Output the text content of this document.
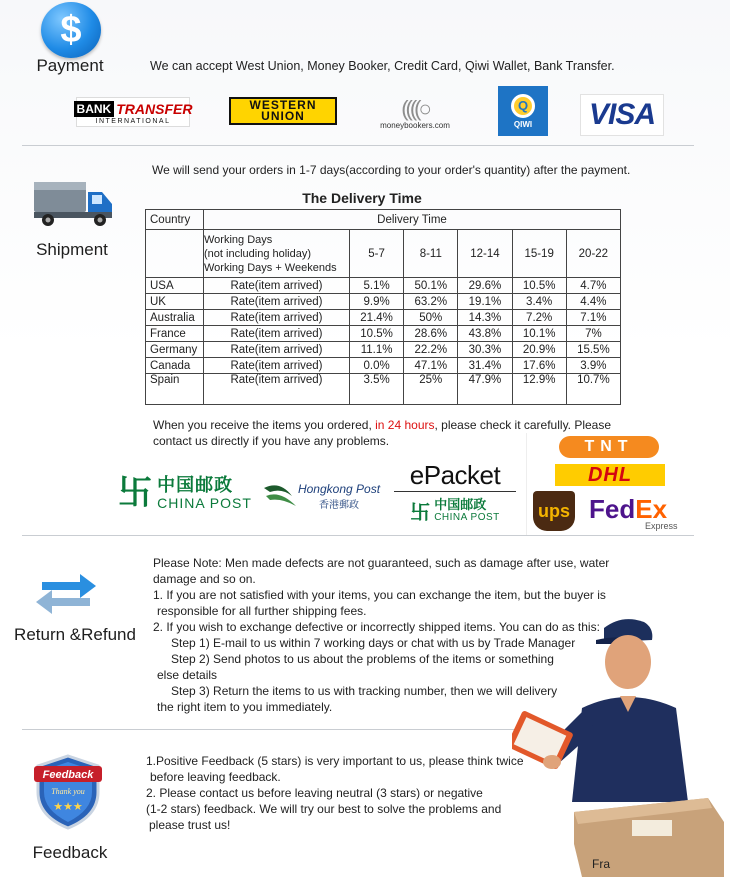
$
Payment	We can accept West Union, Money Booker, Credit Card, Qiwi Wallet, Bank Transfer.
BANK TRANSFER
INTERNATIONAL
WESTERN
UNION	((((○
moneybookers.com
Q
QIWI VISA
We will send your orders in 1-7 days(according to your order's quantity) after the payment.
Shipment
The Delivery Time
Country	Delivery Time					

	Working Days
(not including holiday)
Working Days + Weekends	5-7	8-11	12-14	15-19	20-22
USA	Rate(item arrived)	5.1%	50.1%	29.6%	10.5%	4.7%
UK	Rate(item arrived)	9.9%	63.2%	19.1%	3.4%	4.4%
Australia	Rate(item arrived)	21.4%	50%	14.3%	7.2%	7.1%
France	Rate(item arrived)	10.5%	28.6%	43.8%	10.1%	7%
Germany	Rate(item arrived)	11.1%	22.2%	30.3%	20.9%	15.5%
Canada	Rate(item arrived)	0.0%	47.1%	31.4%	17.6%	3.9%
Spain	Rate(item arrived)	3.5%	25%	47.9%	12.9%	10.7%
When you receive the items you ordered, in 24 hours, please check it carefully. Please
contact us directly if you have any problems.
卐 中国邮政
CHINA POST
Hongkong Post
香港郵政
ePacket
卐 中国邮政
CHINA POST
TNT
DHL
ups FedEx
Express
Return &Refund
Please Note: Men made defects are not guaranteed, such as damage after use, water
damage and so on.
1. If you are not satisfied with your items, you can exchange the item, but the buyer is
responsible for all further shipping fees.
2. If you wish to exchange defective or incorrectly shipped items. You can do as this:
Step 1) E-mail to us within 7 working days or chat with us by Trade Manager
Step 2) Send photos to us about the problems of the items or something
else details
Step 3) Return the items to us with tracking number, then we will delivery
the right item to you immediately.
Feedback
Thank you
★★★
Feedback
1.Positive Feedback (5 stars) is very important to us, please think twice
before leaving feedback.
2. Please contact us before leaving neutral (3 stars) or negative
(1-2 stars) feedback. We will try our best to solve the problems and
please trust us!
Fra
